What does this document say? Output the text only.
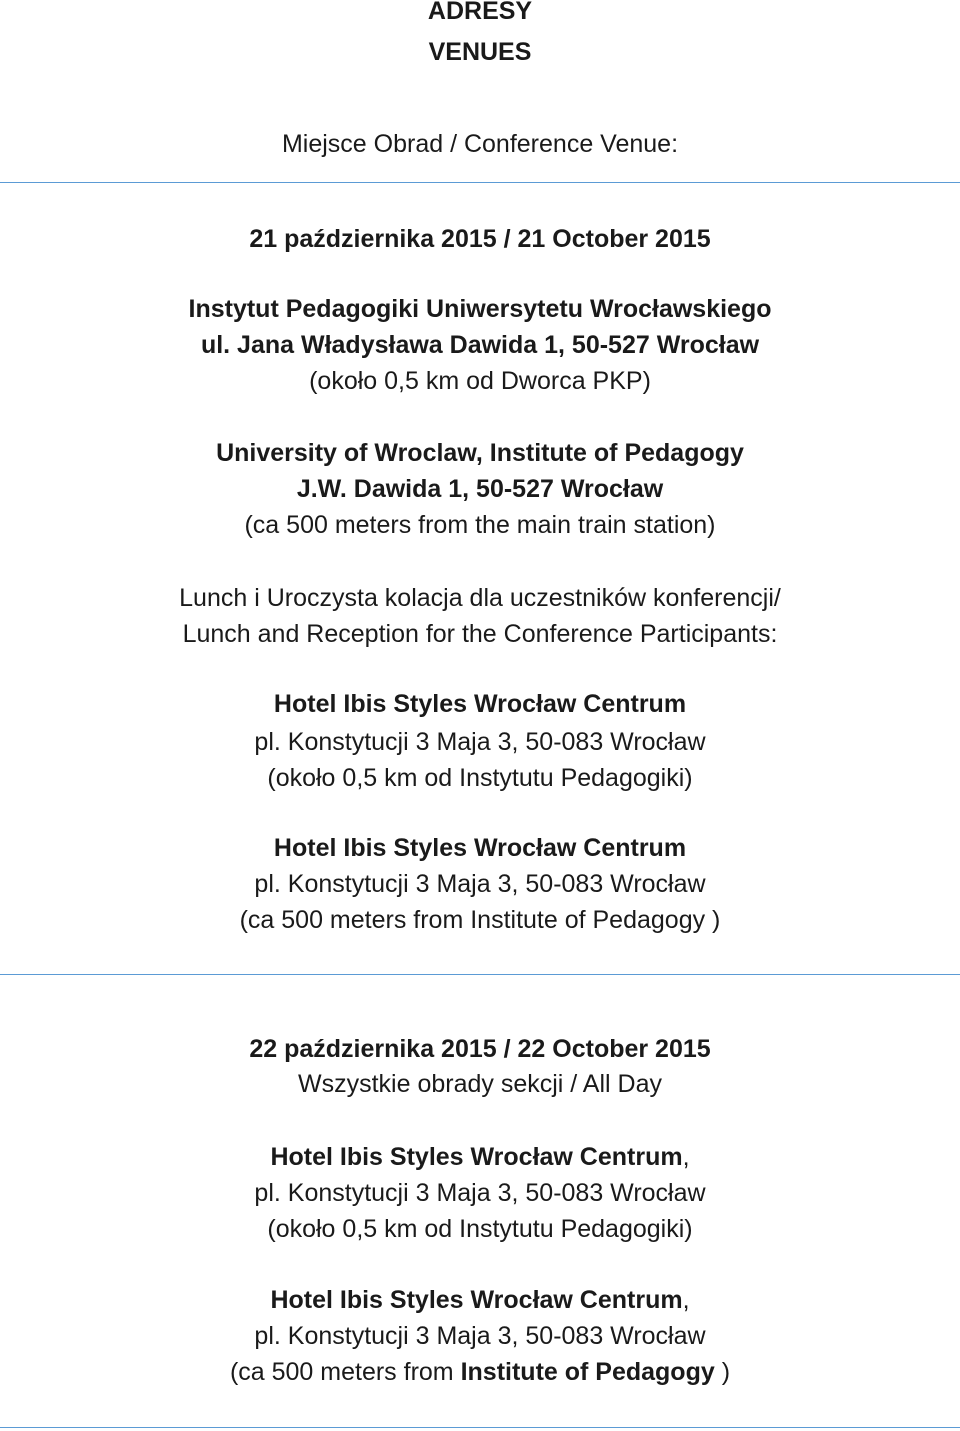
ADRESY
VENUES
Miejsce Obrad / Conference Venue:
21 października 2015 / 21 October 2015
Instytut Pedagogiki Uniwersytetu Wrocławskiego
ul. Jana Władysława Dawida 1, 50-527 Wrocław
(około 0,5 km od Dworca PKP)
University of Wroclaw, Institute of Pedagogy
J.W. Dawida 1, 50-527 Wrocław
(ca 500 meters from the main train station)
Lunch i Uroczysta kolacja dla uczestników konferencji/
Lunch and Reception for the Conference Participants:
Hotel Ibis Styles Wrocław Centrum
pl. Konstytucji 3 Maja 3, 50-083 Wrocław
(około 0,5 km od Instytutu Pedagogiki)
Hotel Ibis Styles Wrocław Centrum
pl. Konstytucji 3 Maja 3, 50-083 Wrocław
(ca 500 meters from Institute of Pedagogy )
22 października 2015 / 22 October 2015
Wszystkie obrady sekcji / All Day
Hotel Ibis Styles Wrocław Centrum,
pl. Konstytucji 3 Maja 3, 50-083 Wrocław
(około 0,5 km od Instytutu Pedagogiki)
Hotel Ibis Styles Wrocław Centrum,
pl. Konstytucji 3 Maja 3, 50-083 Wrocław
(ca 500 meters from Institute of Pedagogy )
